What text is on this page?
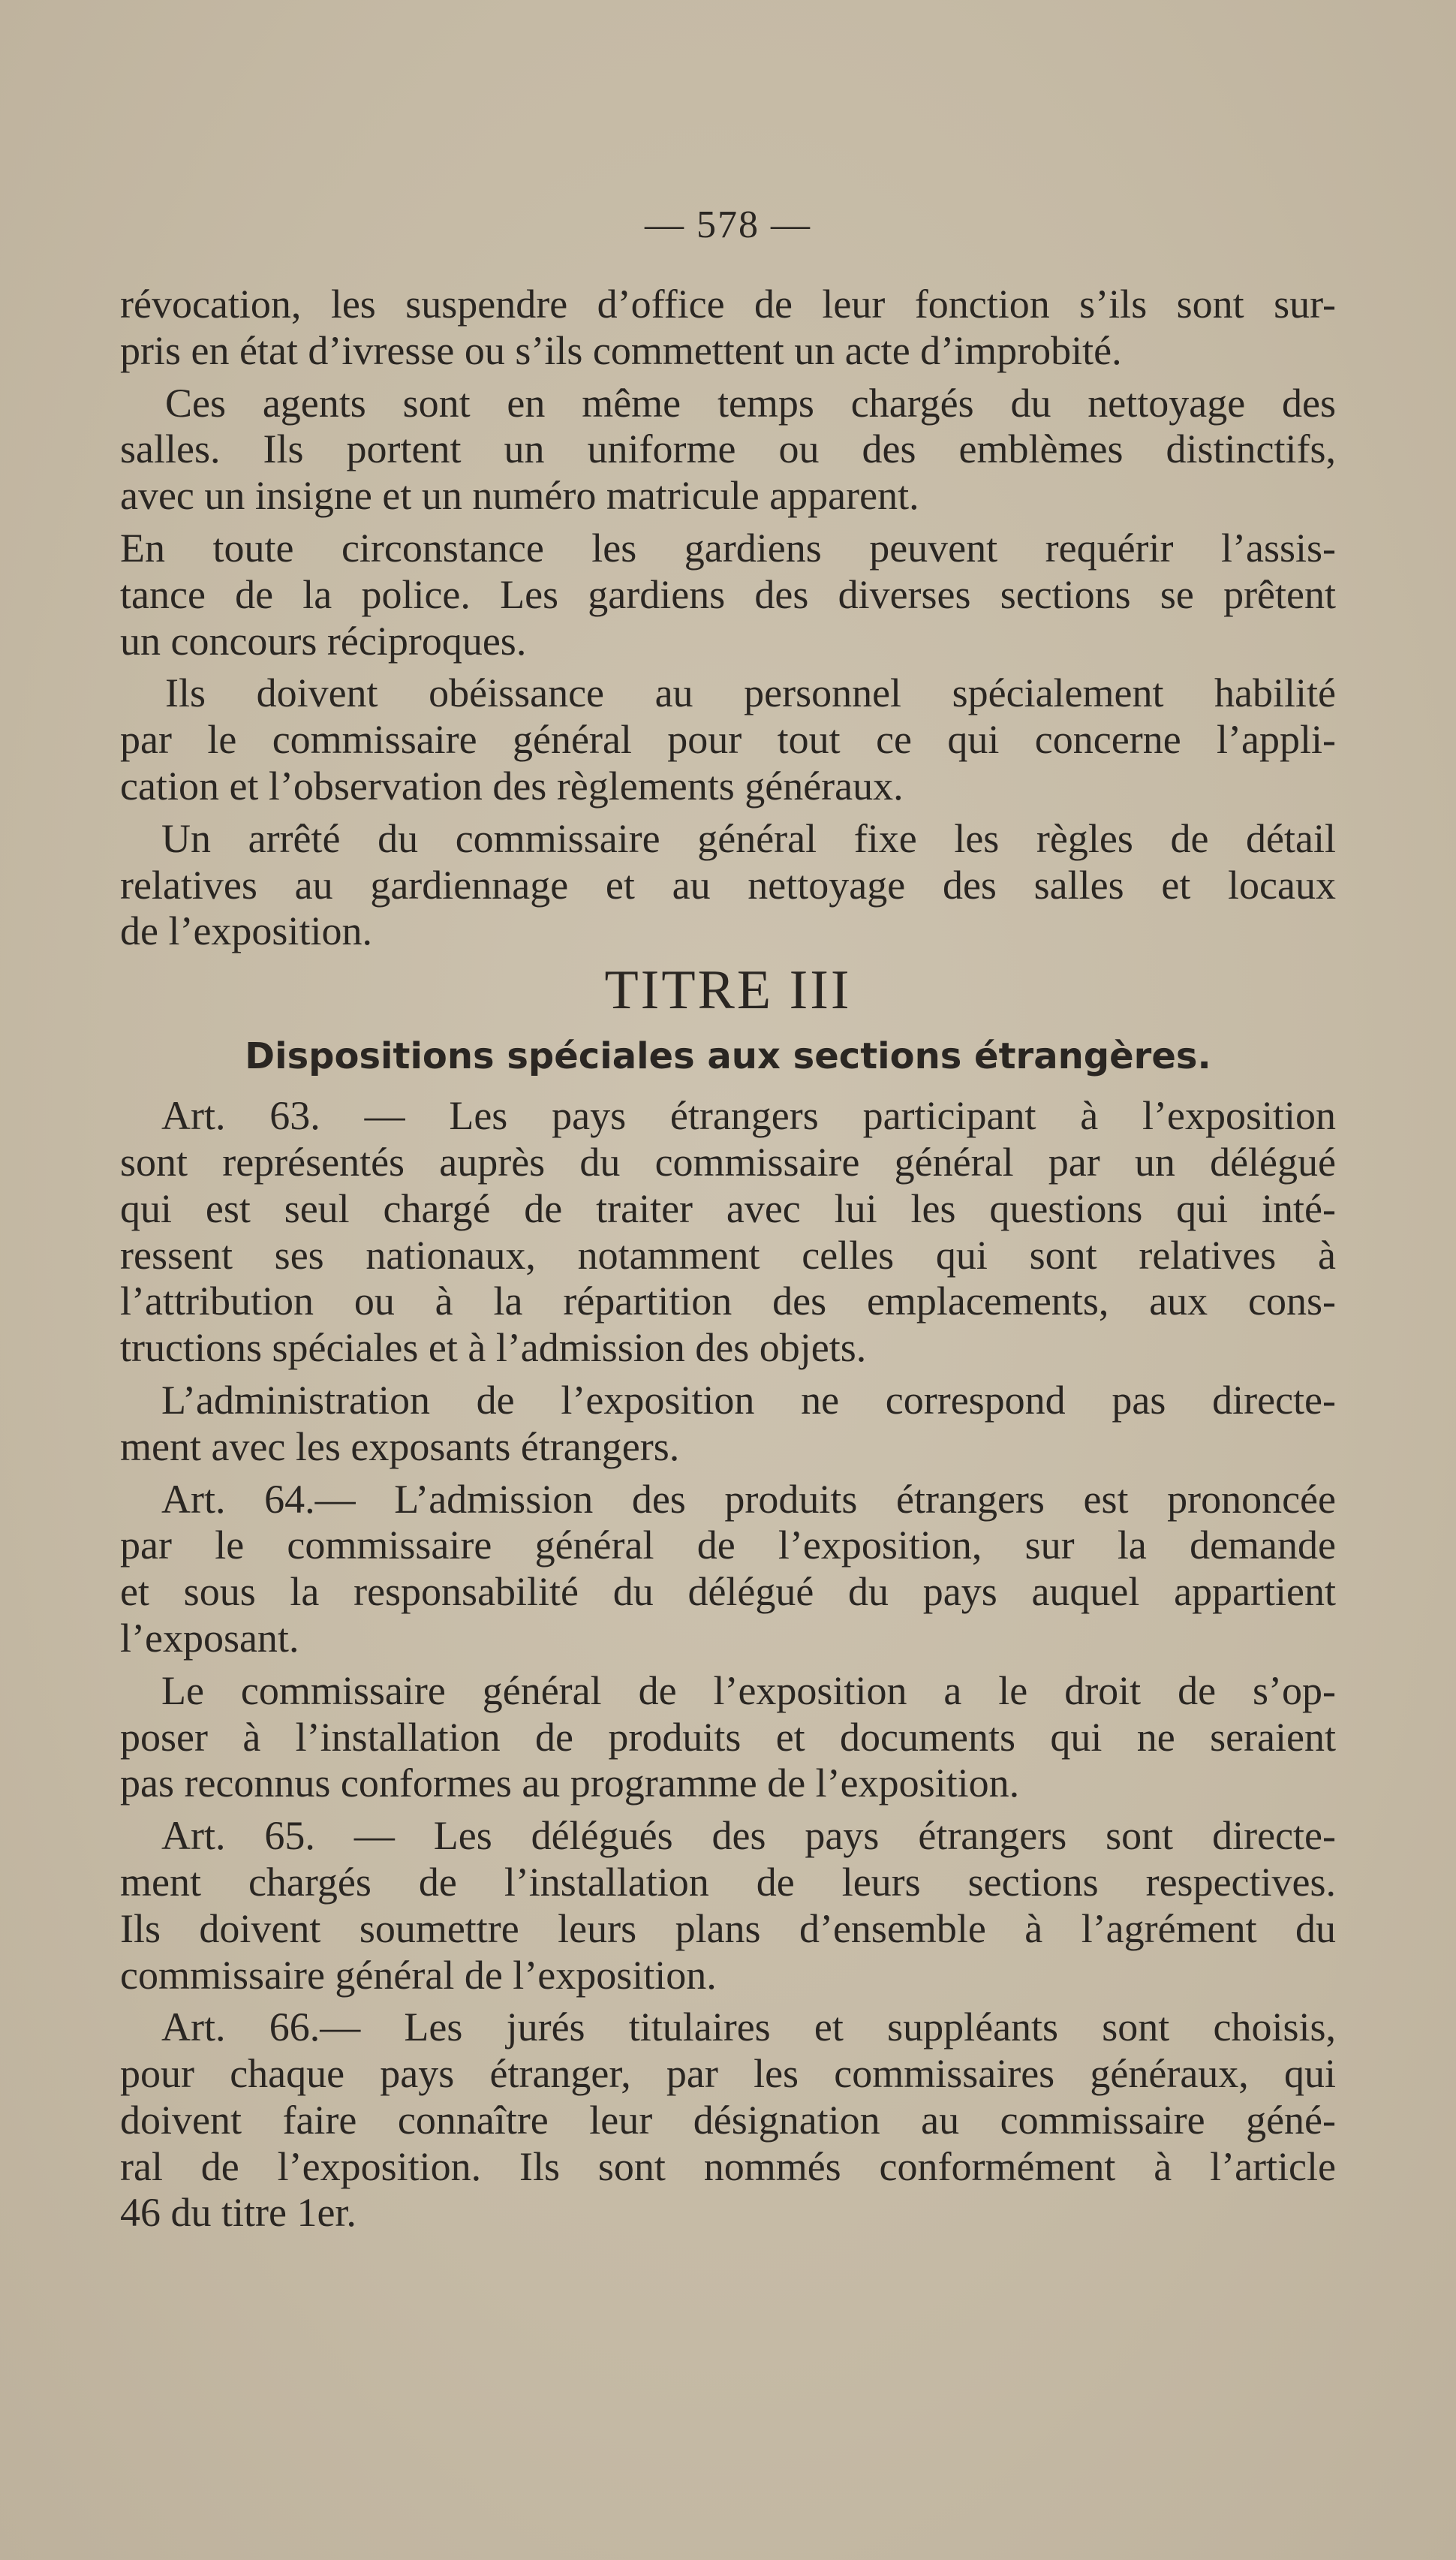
— 578 —
révocation, les suspendre d’office de leur fonction s’ils sont sur-
pris en état d’ivresse ou s’ils commettent un acte d’improbité.
Ces agents sont en même temps chargés du nettoyage des
salles. Ils portent un uniforme ou des emblèmes distinctifs,
avec un insigne et un numéro matricule apparent.
En toute circonstance les gardiens peuvent requérir l’assis-
tance de la police. Les gardiens des diverses sections se prêtent
un concours réciproques.
Ils doivent obéissance au personnel spécialement habilité
par le commissaire général pour tout ce qui concerne l’appli-
cation et l’observation des règlements généraux.
Un arrêté du commissaire général fixe les règles de détail
relatives au gardiennage et au nettoyage des salles et locaux
de l’exposition.
TITRE III
Dispositions spéciales aux sections étrangères.
Art. 63. — Les pays étrangers participant à l’exposition
sont représentés auprès du commissaire général par un délégué
qui est seul chargé de traiter avec lui les questions qui inté-
ressent ses nationaux, notamment celles qui sont relatives à
l’attribution ou à la répartition des emplacements, aux cons-
tructions spéciales et à l’admission des objets.
L’administration de l’exposition ne correspond pas directe-
ment avec les exposants étrangers.
Art. 64.— L’admission des produits étrangers est prononcée
par le commissaire général de l’exposition, sur la demande
et sous la responsabilité du délégué du pays auquel appartient
l’exposant.
Le commissaire général de l’exposition a le droit de s’op-
poser à l’installation de produits et documents qui ne seraient
pas reconnus conformes au programme de l’exposition.
Art. 65. — Les délégués des pays étrangers sont directe-
ment chargés de l’installation de leurs sections respectives.
Ils doivent soumettre leurs plans d’ensemble à l’agrément du
commissaire général de l’exposition.
Art. 66.— Les jurés titulaires et suppléants sont choisis,
pour chaque pays étranger, par les commissaires généraux, qui
doivent faire connaître leur désignation au commissaire géné-
ral de l’exposition. Ils sont nommés conformément à l’article
46 du titre 1er.
